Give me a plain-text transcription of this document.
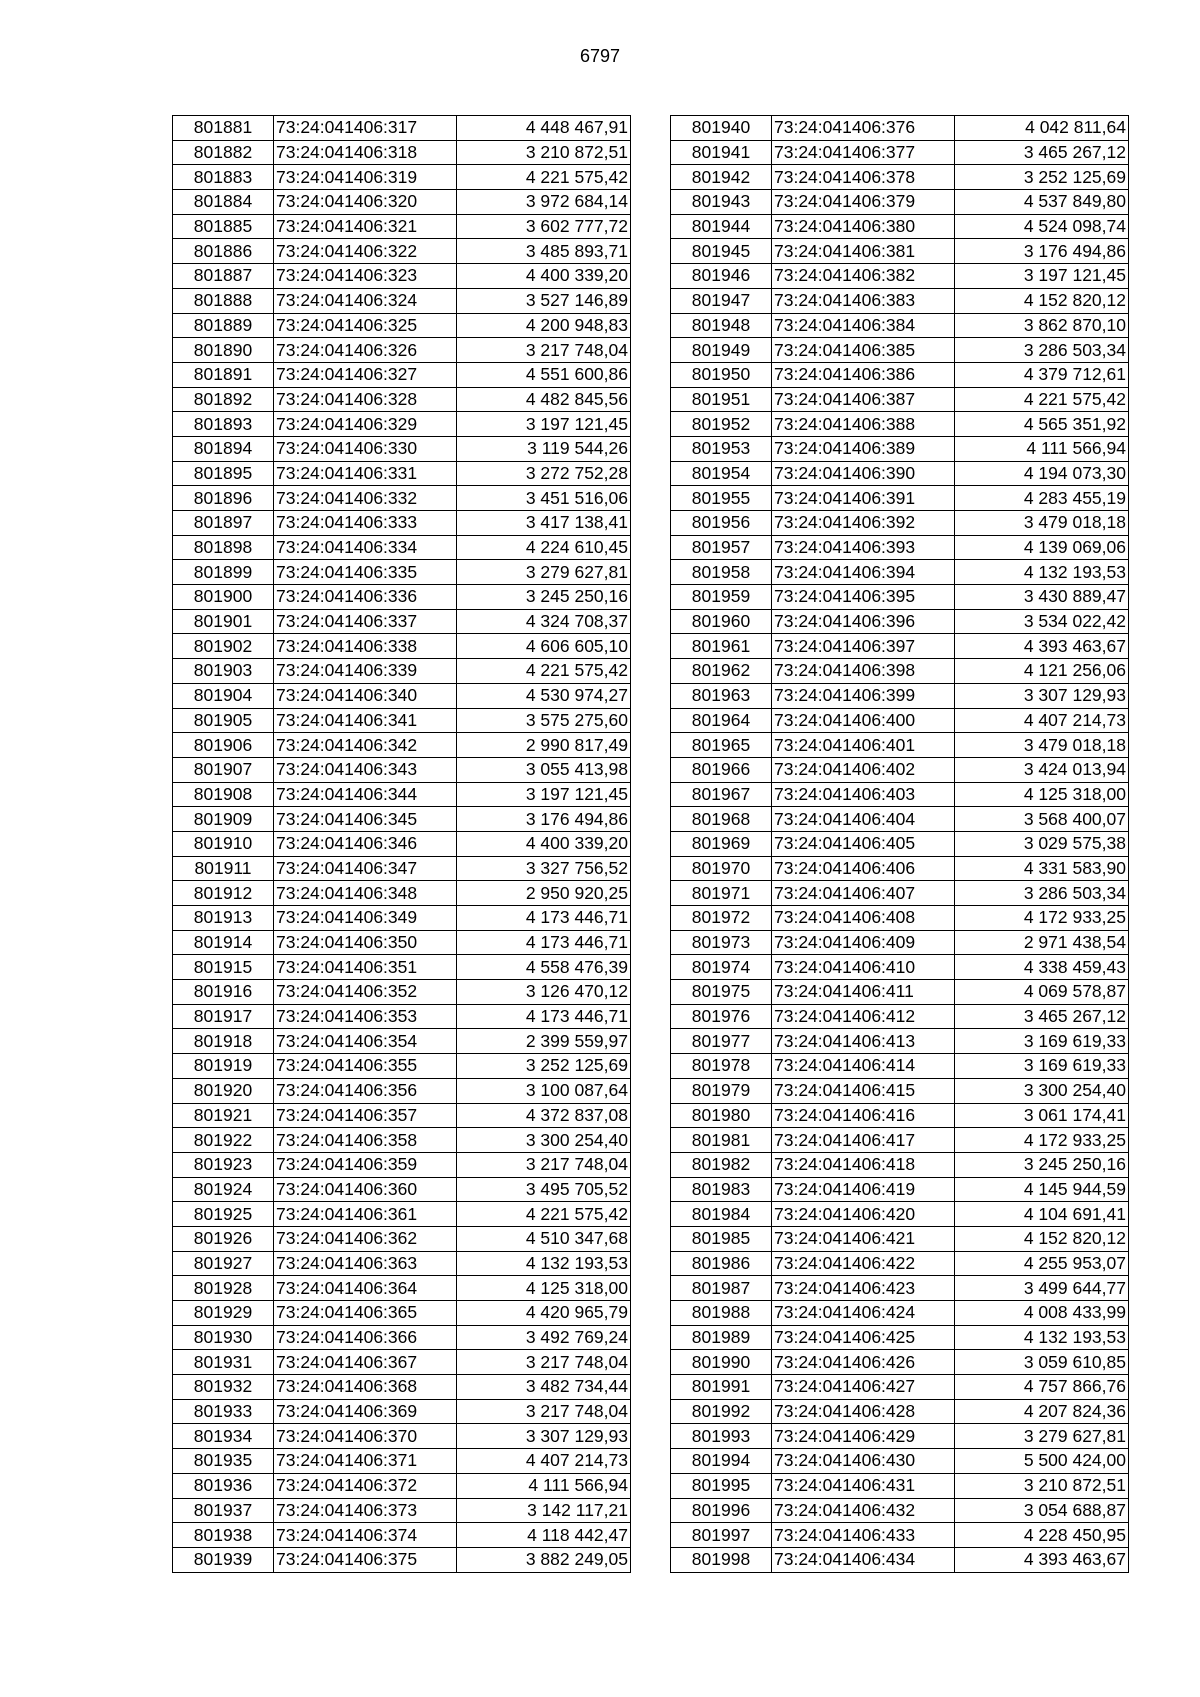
6797
801881	73:24:041406:317	4 448 467,91
801882	73:24:041406:318	3 210 872,51
801883	73:24:041406:319	4 221 575,42
801884	73:24:041406:320	3 972 684,14
801885	73:24:041406:321	3 602 777,72
801886	73:24:041406:322	3 485 893,71
801887	73:24:041406:323	4 400 339,20
801888	73:24:041406:324	3 527 146,89
801889	73:24:041406:325	4 200 948,83
801890	73:24:041406:326	3 217 748,04
801891	73:24:041406:327	4 551 600,86
801892	73:24:041406:328	4 482 845,56
801893	73:24:041406:329	3 197 121,45
801894	73:24:041406:330	3 119 544,26
801895	73:24:041406:331	3 272 752,28
801896	73:24:041406:332	3 451 516,06
801897	73:24:041406:333	3 417 138,41
801898	73:24:041406:334	4 224 610,45
801899	73:24:041406:335	3 279 627,81
801900	73:24:041406:336	3 245 250,16
801901	73:24:041406:337	4 324 708,37
801902	73:24:041406:338	4 606 605,10
801903	73:24:041406:339	4 221 575,42
801904	73:24:041406:340	4 530 974,27
801905	73:24:041406:341	3 575 275,60
801906	73:24:041406:342	2 990 817,49
801907	73:24:041406:343	3 055 413,98
801908	73:24:041406:344	3 197 121,45
801909	73:24:041406:345	3 176 494,86
801910	73:24:041406:346	4 400 339,20
801911	73:24:041406:347	3 327 756,52
801912	73:24:041406:348	2 950 920,25
801913	73:24:041406:349	4 173 446,71
801914	73:24:041406:350	4 173 446,71
801915	73:24:041406:351	4 558 476,39
801916	73:24:041406:352	3 126 470,12
801917	73:24:041406:353	4 173 446,71
801918	73:24:041406:354	2 399 559,97
801919	73:24:041406:355	3 252 125,69
801920	73:24:041406:356	3 100 087,64
801921	73:24:041406:357	4 372 837,08
801922	73:24:041406:358	3 300 254,40
801923	73:24:041406:359	3 217 748,04
801924	73:24:041406:360	3 495 705,52
801925	73:24:041406:361	4 221 575,42
801926	73:24:041406:362	4 510 347,68
801927	73:24:041406:363	4 132 193,53
801928	73:24:041406:364	4 125 318,00
801929	73:24:041406:365	4 420 965,79
801930	73:24:041406:366	3 492 769,24
801931	73:24:041406:367	3 217 748,04
801932	73:24:041406:368	3 482 734,44
801933	73:24:041406:369	3 217 748,04
801934	73:24:041406:370	3 307 129,93
801935	73:24:041406:371	4 407 214,73
801936	73:24:041406:372	4 111 566,94
801937	73:24:041406:373	3 142 117,21
801938	73:24:041406:374	4 118 442,47
801939	73:24:041406:375	3 882 249,05
801940	73:24:041406:376	4 042 811,64
801941	73:24:041406:377	3 465 267,12
801942	73:24:041406:378	3 252 125,69
801943	73:24:041406:379	4 537 849,80
801944	73:24:041406:380	4 524 098,74
801945	73:24:041406:381	3 176 494,86
801946	73:24:041406:382	3 197 121,45
801947	73:24:041406:383	4 152 820,12
801948	73:24:041406:384	3 862 870,10
801949	73:24:041406:385	3 286 503,34
801950	73:24:041406:386	4 379 712,61
801951	73:24:041406:387	4 221 575,42
801952	73:24:041406:388	4 565 351,92
801953	73:24:041406:389	4 111 566,94
801954	73:24:041406:390	4 194 073,30
801955	73:24:041406:391	4 283 455,19
801956	73:24:041406:392	3 479 018,18
801957	73:24:041406:393	4 139 069,06
801958	73:24:041406:394	4 132 193,53
801959	73:24:041406:395	3 430 889,47
801960	73:24:041406:396	3 534 022,42
801961	73:24:041406:397	4 393 463,67
801962	73:24:041406:398	4 121 256,06
801963	73:24:041406:399	3 307 129,93
801964	73:24:041406:400	4 407 214,73
801965	73:24:041406:401	3 479 018,18
801966	73:24:041406:402	3 424 013,94
801967	73:24:041406:403	4 125 318,00
801968	73:24:041406:404	3 568 400,07
801969	73:24:041406:405	3 029 575,38
801970	73:24:041406:406	4 331 583,90
801971	73:24:041406:407	3 286 503,34
801972	73:24:041406:408	4 172 933,25
801973	73:24:041406:409	2 971 438,54
801974	73:24:041406:410	4 338 459,43
801975	73:24:041406:411	4 069 578,87
801976	73:24:041406:412	3 465 267,12
801977	73:24:041406:413	3 169 619,33
801978	73:24:041406:414	3 169 619,33
801979	73:24:041406:415	3 300 254,40
801980	73:24:041406:416	3 061 174,41
801981	73:24:041406:417	4 172 933,25
801982	73:24:041406:418	3 245 250,16
801983	73:24:041406:419	4 145 944,59
801984	73:24:041406:420	4 104 691,41
801985	73:24:041406:421	4 152 820,12
801986	73:24:041406:422	4 255 953,07
801987	73:24:041406:423	3 499 644,77
801988	73:24:041406:424	4 008 433,99
801989	73:24:041406:425	4 132 193,53
801990	73:24:041406:426	3 059 610,85
801991	73:24:041406:427	4 757 866,76
801992	73:24:041406:428	4 207 824,36
801993	73:24:041406:429	3 279 627,81
801994	73:24:041406:430	5 500 424,00
801995	73:24:041406:431	3 210 872,51
801996	73:24:041406:432	3 054 688,87
801997	73:24:041406:433	4 228 450,95
801998	73:24:041406:434	4 393 463,67
